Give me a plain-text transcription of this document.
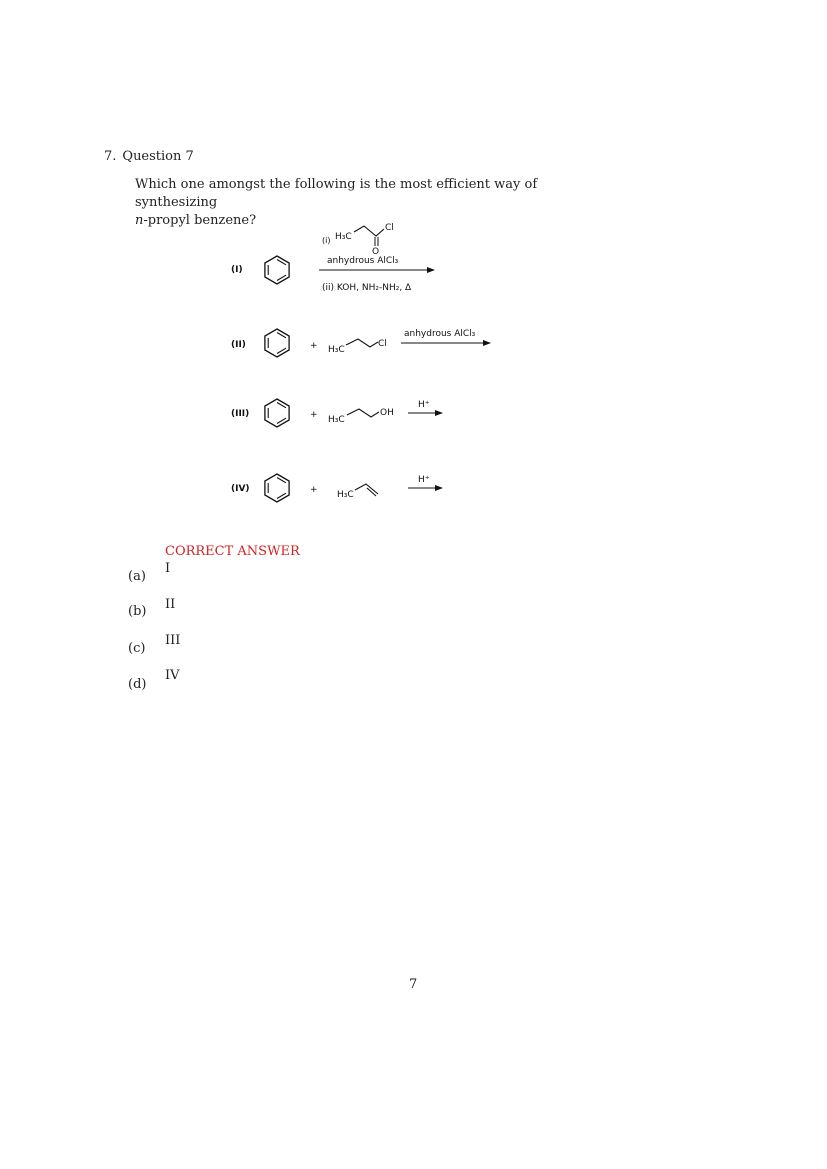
7. Question 7
Which one amongst the following is the most efficient way of synthesizing
n-propyl benzene?
(I)
(i) H₃C
O
Cl
anhydrous AlCl₃
(ii) KOH, NH₂-NH₂, Δ
(II)	+ H₃C
Cl
anhydrous AlCl₃
(III)	+ H₃C
OH
H⁺
(IV)	+ H₃C
H⁺
CORRECT ANSWER
(a)
I
(b) II
(c)
III
(d)
IV
7
